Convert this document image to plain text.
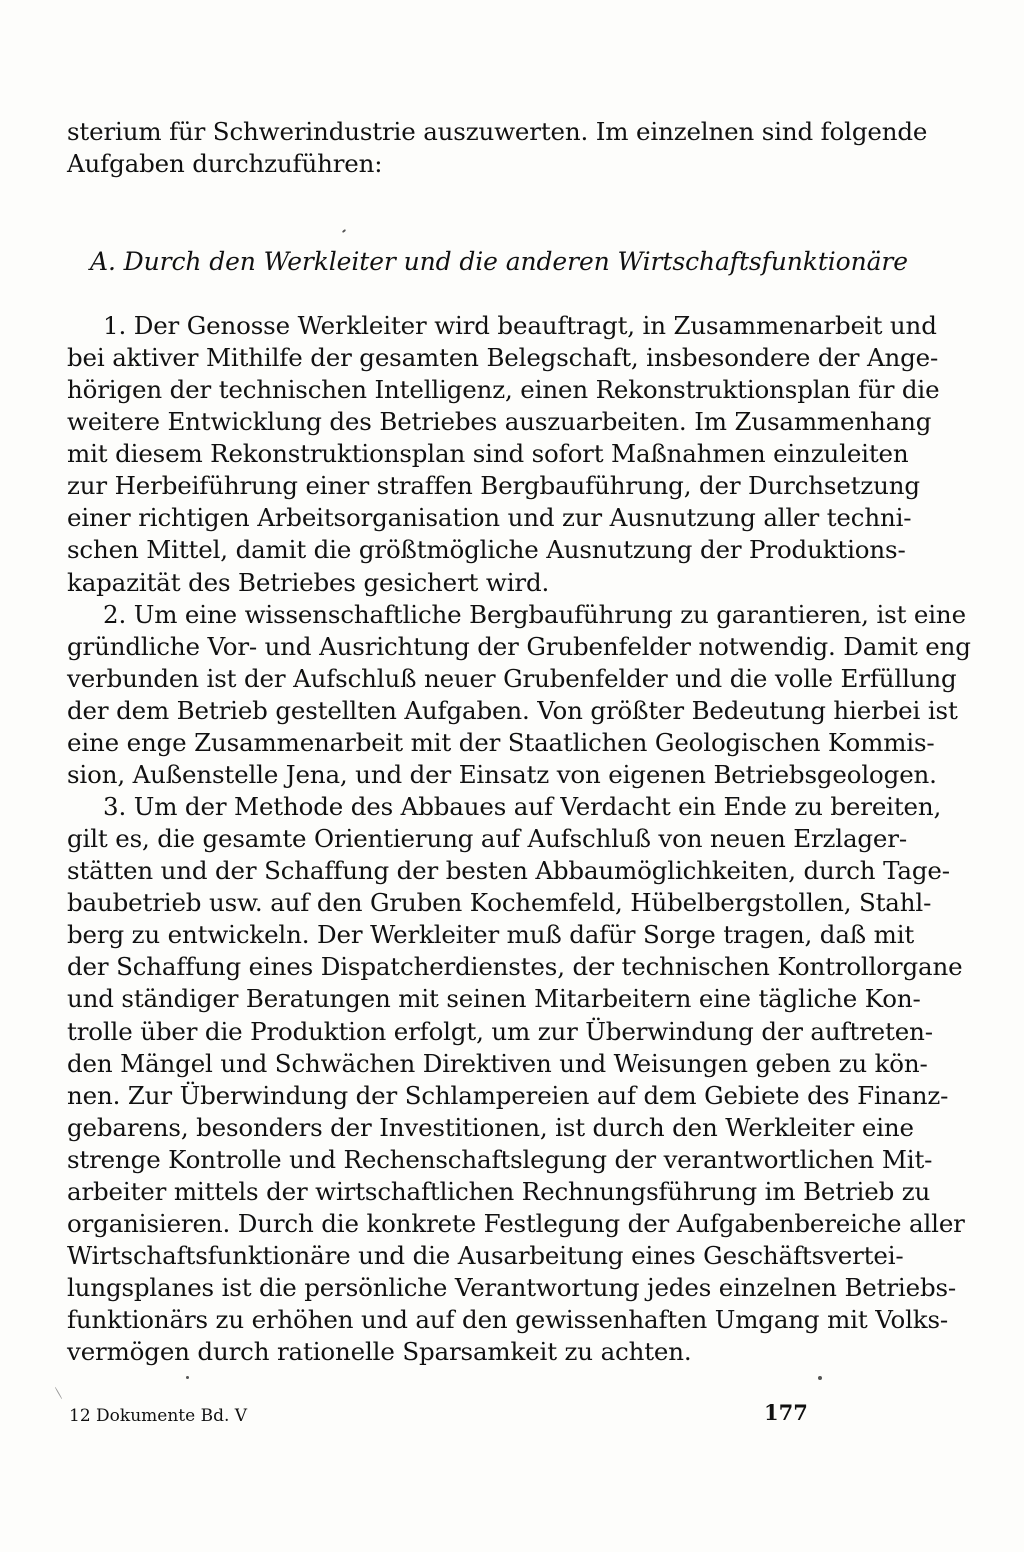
sterium für Schwerindustrie auszuwerten. Im einzelnen sind folgende
Aufgaben durchzuführen:
1. Der Genosse Werkleiter wird beauftragt, in Zusammenarbeit und
bei aktiver Mithilfe der gesamten Belegschaft, insbesondere der Ange-
hörigen der technischen Intelligenz, einen Rekonstruktionsplan für die
weitere Entwicklung des Betriebes auszuarbeiten. Im Zusammenhang
mit diesem Rekonstruktionsplan sind sofort Maßnahmen einzuleiten
zur Herbeiführung einer straffen Bergbauführung, der Durchsetzung
einer richtigen Arbeitsorganisation und zur Ausnutzung aller techni-
schen Mittel, damit die größtmögliche Ausnutzung der Produktions-
kapazität des Betriebes gesichert wird.
2. Um eine wissenschaftliche Bergbauführung zu garantieren, ist eine
gründliche Vor- und Ausrichtung der Grubenfelder notwendig. Damit eng
verbunden ist der Aufschluß neuer Grubenfelder und die volle Erfüllung
der dem Betrieb gestellten Aufgaben. Von größter Bedeutung hierbei ist
eine enge Zusammenarbeit mit der Staatlichen Geologischen Kommis-
sion, Außenstelle Jena, und der Einsatz von eigenen Betriebsgeologen.
3. Um der Methode des Abbaues auf Verdacht ein Ende zu bereiten,
gilt es, die gesamte Orientierung auf Aufschluß von neuen Erzlager-
stätten und der Schaffung der besten Abbaumöglichkeiten, durch Tage-
baubetrieb usw. auf den Gruben Kochemfeld, Hübelbergstollen, Stahl-
berg zu entwickeln. Der Werkleiter muß dafür Sorge tragen, daß mit
der Schaffung eines Dispatcherdienstes, der technischen Kontrollorgane
und ständiger Beratungen mit seinen Mitarbeitern eine tägliche Kon-
trolle über die Produktion erfolgt, um zur Überwindung der auftreten-
den Mängel und Schwächen Direktiven und Weisungen geben zu kön-
nen. Zur Überwindung der Schlampereien auf dem Gebiete des Finanz-
gebarens, besonders der Investitionen, ist durch den Werkleiter eine
strenge Kontrolle und Rechenschaftslegung der verantwortlichen Mit-
arbeiter mittels der wirtschaftlichen Rechnungsführung im Betrieb zu
organisieren. Durch die konkrete Festlegung der Aufgabenbereiche aller
Wirtschaftsfunktionäre und die Ausarbeitung eines Geschäftsvertei-
lungsplanes ist die persönliche Verantwortung jedes einzelnen Betriebs-
funktionärs zu erhöhen und auf den gewissenhaften Umgang mit Volks-
vermögen durch rationelle Sparsamkeit zu achten.
A. Durch den Werkleiter und die anderen Wirtschaftsfunktionäre
12 Dokumente Bd. V	177
